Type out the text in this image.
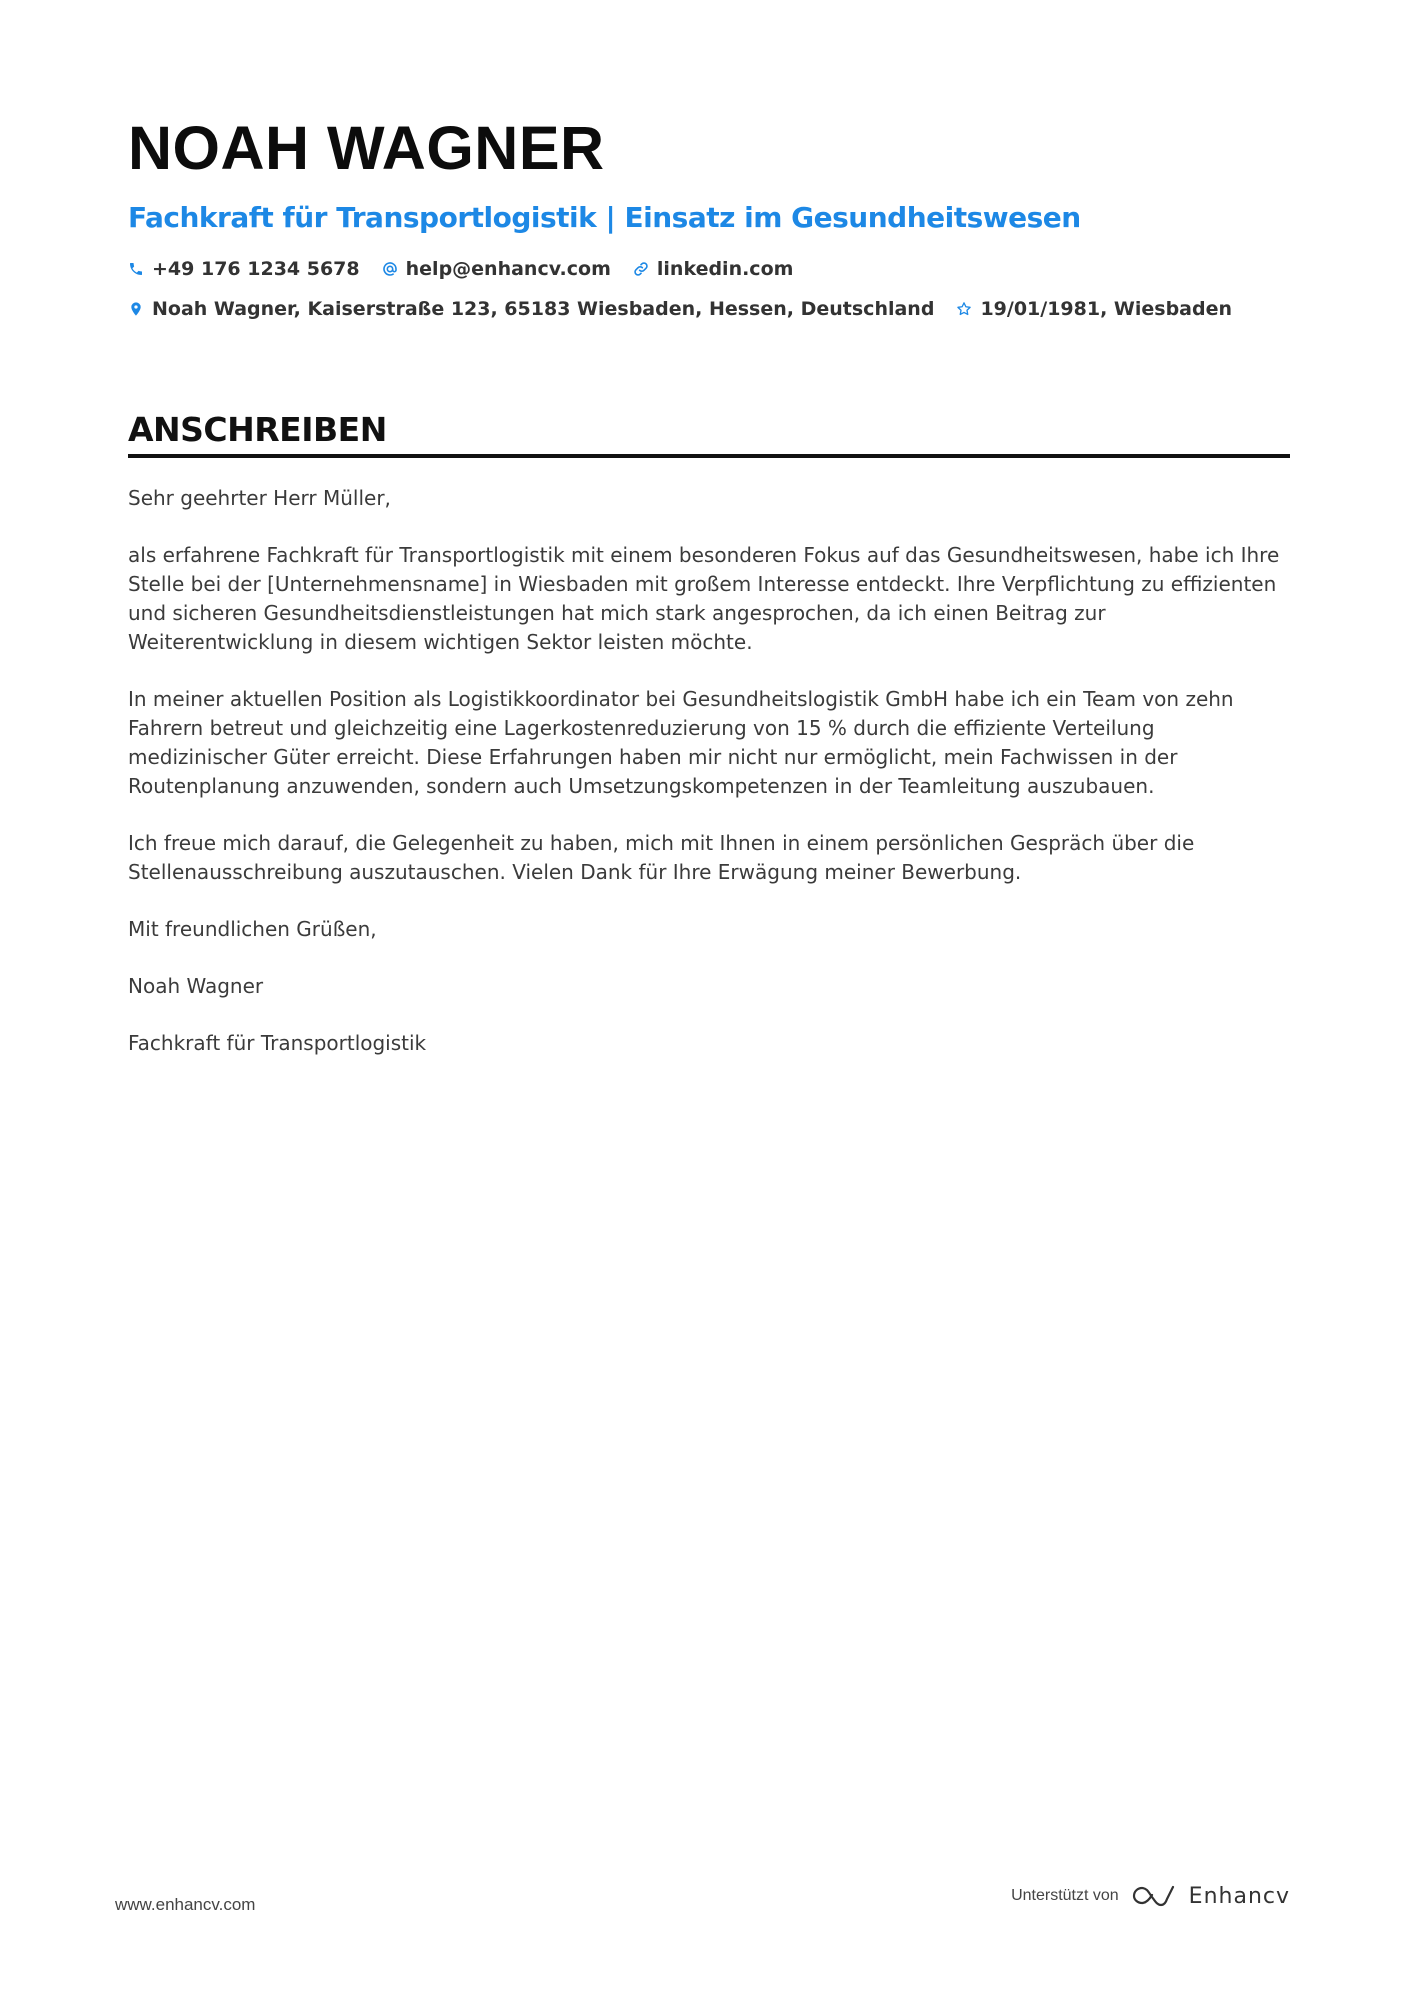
NOAH WAGNER
Fachkraft für Transportlogistik | Einsatz im Gesundheitswesen
+49 176 1234 5678 help@enhancv.com linkedin.com
Noah Wagner, Kaiserstraße 123, 65183 Wiesbaden, Hessen, Deutschland 19/01/1981, Wiesbaden
ANSCHREIBEN

Sehr geehrter Herr Müller,

als erfahrene Fachkraft für Transportlogistik mit einem besonderen Fokus auf das Gesundheitswesen, habe ich Ihre Stelle bei der [Unternehmensname] in Wiesbaden mit großem Interesse entdeckt. Ihre Verpflichtung zu effizienten und sicheren Gesundheitsdienstleistungen hat mich stark angesprochen, da ich einen Beitrag zur Weiterentwicklung in diesem wichtigen Sektor leisten möchte.

In meiner aktuellen Position als Logistikkoordinator bei Gesundheitslogistik GmbH habe ich ein Team von zehn Fahrern betreut und gleichzeitig eine Lagerkostenreduzierung von 15 % durch die effiziente Verteilung medizinischer Güter erreicht. Diese Erfahrungen haben mir nicht nur ermöglicht, mein Fachwissen in der Routenplanung anzuwenden, sondern auch Umsetzungskompetenzen in der Teamleitung auszubauen.

Ich freue mich darauf, die Gelegenheit zu haben, mich mit Ihnen in einem persönlichen Gespräch über die Stellenausschreibung auszutauschen. Vielen Dank für Ihre Erwägung meiner Bewerbung.

Mit freundlichen Grüßen,

Noah Wagner

Fachkraft für Transportlogistik

www.enhancv.com	Unterstützt von	Enhancv
